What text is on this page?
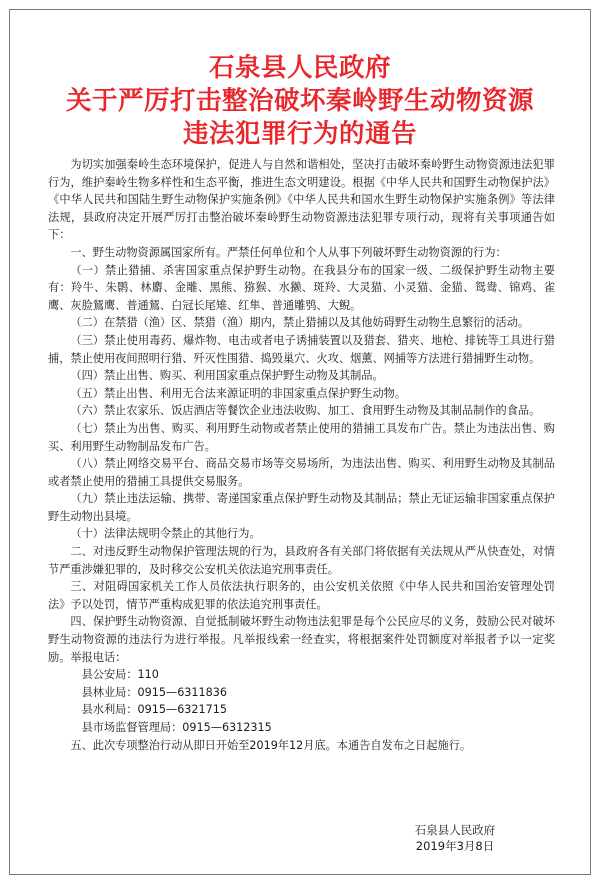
石泉县人民政府
关于严厉打击整治破坏秦岭野生动物资源
违法犯罪行为的通告

为切实加强秦岭生态环境保护，促进人与自然和谐相处，坚决打击破坏秦岭野生动物资源违法犯罪行为，维护秦岭生物多样性和生态平衡，推进生态文明建设。根据《中华人民共和国野生动物保护法》《中华人民共和国陆生野生动物保护实施条例》《中华人民共和国水生野生动物保护实施条例》等法律法规，县政府决定开展严厉打击整治破坏秦岭野生动物资源违法犯罪专项行动，现将有关事项通告如下：

一、野生动物资源属国家所有。严禁任何单位和个人从事下列破坏野生动物资源的行为：

（一）禁止猎捕、杀害国家重点保护野生动物。在我县分布的国家一级、二级保护野生动物主要有：羚牛、朱鹮、林麝、金雕、黑熊、猕猴、水獭、斑羚、大灵猫、小灵猫、金猫、鸳鸯、锦鸡、雀鹰、灰脸鵟鹰、普通鵟、白冠长尾雉、红隼、普通雕鸮、大鲵。

（二）在禁猎（渔）区、禁猎（渔）期内，禁止猎捕以及其他妨碍野生动物生息繁衍的活动。

（三）禁止使用毒药、爆炸物、电击或者电子诱捕装置以及猎套、猎夹、地枪、排铳等工具进行猎捕，禁止使用夜间照明行猎、歼灭性围猎、捣毁巢穴、火攻、烟薰、网捕等方法进行猎捕野生动物。

（四）禁止出售、购买、利用国家重点保护野生动物及其制品。

（五）禁止出售、利用无合法来源证明的非国家重点保护野生动物。

（六）禁止农家乐、饭店酒店等餐饮企业违法收购、加工、食用野生动物及其制品制作的食品。

（七）禁止为出售、购买、利用野生动物或者禁止使用的猎捕工具发布广告。禁止为违法出售、购买、利用野生动物制品发布广告。

（八）禁止网络交易平台、商品交易市场等交易场所，为违法出售、购买、利用野生动物及其制品或者禁止使用的猎捕工具提供交易服务。

（九）禁止违法运输、携带、寄递国家重点保护野生动物及其制品；禁止无证运输非国家重点保护野生动物出县境。

（十）法律法规明令禁止的其他行为。

二、对违反野生动物保护管理法规的行为，县政府各有关部门将依据有关法规从严从快查处，对情节严重涉嫌犯罪的，及时移交公安机关依法追究刑事责任。

三、对阻碍国家机关工作人员依法执行职务的，由公安机关依照《中华人民共和国治安管理处罚法》予以处罚，情节严重构成犯罪的依法追究刑事责任。

四、保护野生动物资源、自觉抵制破坏野生动物违法犯罪是每个公民应尽的义务，鼓励公民对破坏野生动物资源的违法行为进行举报。凡举报线索一经查实，将根据案件处罚额度对举报者予以一定奖励。举报电话：

县公安局：110

县林业局：0915—6311836

县水利局：0915—6321715

县市场监督管理局：0915—6312315

五、此次专项整治行动从即日开始至2019年12月底。本通告自发布之日起施行。

石泉县人民政府
2019年3月8日
